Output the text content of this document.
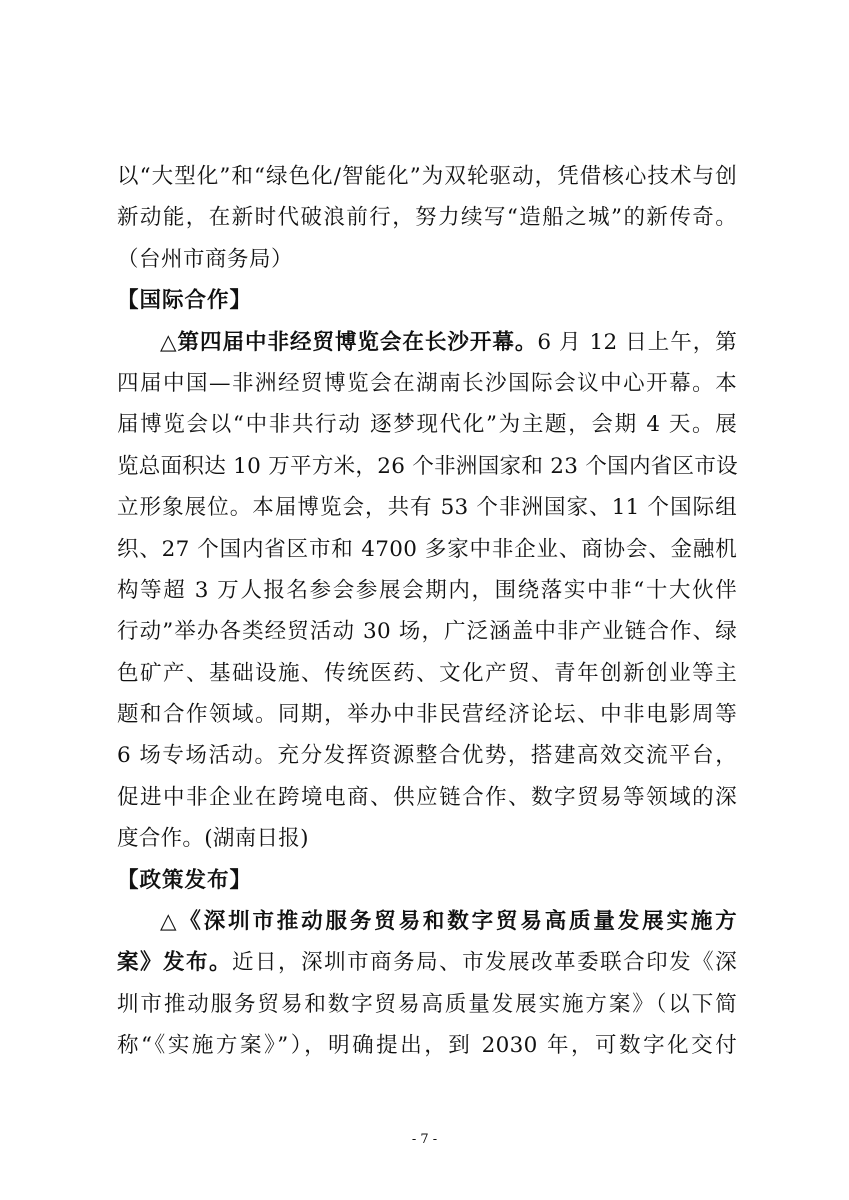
以“大型化”和“绿色化/智能化”为双轮驱动，凭借核心技术与创
新动能，在新时代破浪前行，努力续写“造船之城”的新传奇。
（台州市商务局）
【国际合作】
△第四届中非经贸博览会在长沙开幕。6 月 12 日上午，第
四届中国—非洲经贸博览会在湖南长沙国际会议中心开幕。本
届博览会以“中非共行动 逐梦现代化”为主题，会期 4 天。展
览总面积达 10 万平方米，26 个非洲国家和 23 个国内省区市设
立形象展位。本届博览会，共有 53 个非洲国家、11 个国际组
织、27 个国内省区市和 4700 多家中非企业、商协会、金融机
构等超 3 万人报名参会参展会期内，围绕落实中非“十大伙伴
行动”举办各类经贸活动 30 场，广泛涵盖中非产业链合作、绿
色矿产、基础设施、传统医药、文化产贸、青年创新创业等主
题和合作领域。同期，举办中非民营经济论坛、中非电影周等
6 场专场活动。充分发挥资源整合优势，搭建高效交流平台，
促进中非企业在跨境电商、供应链合作、数字贸易等领域的深
度合作。(湖南日报)
【政策发布】
△《深圳市推动服务贸易和数字贸易高质量发展实施方
案》发布。近日，深圳市商务局、市发展改革委联合印发《深
圳市推动服务贸易和数字贸易高质量发展实施方案》（以下简
称“《实施方案》”），明确提出，到 2030 年，可数字化交付
- 7 -
